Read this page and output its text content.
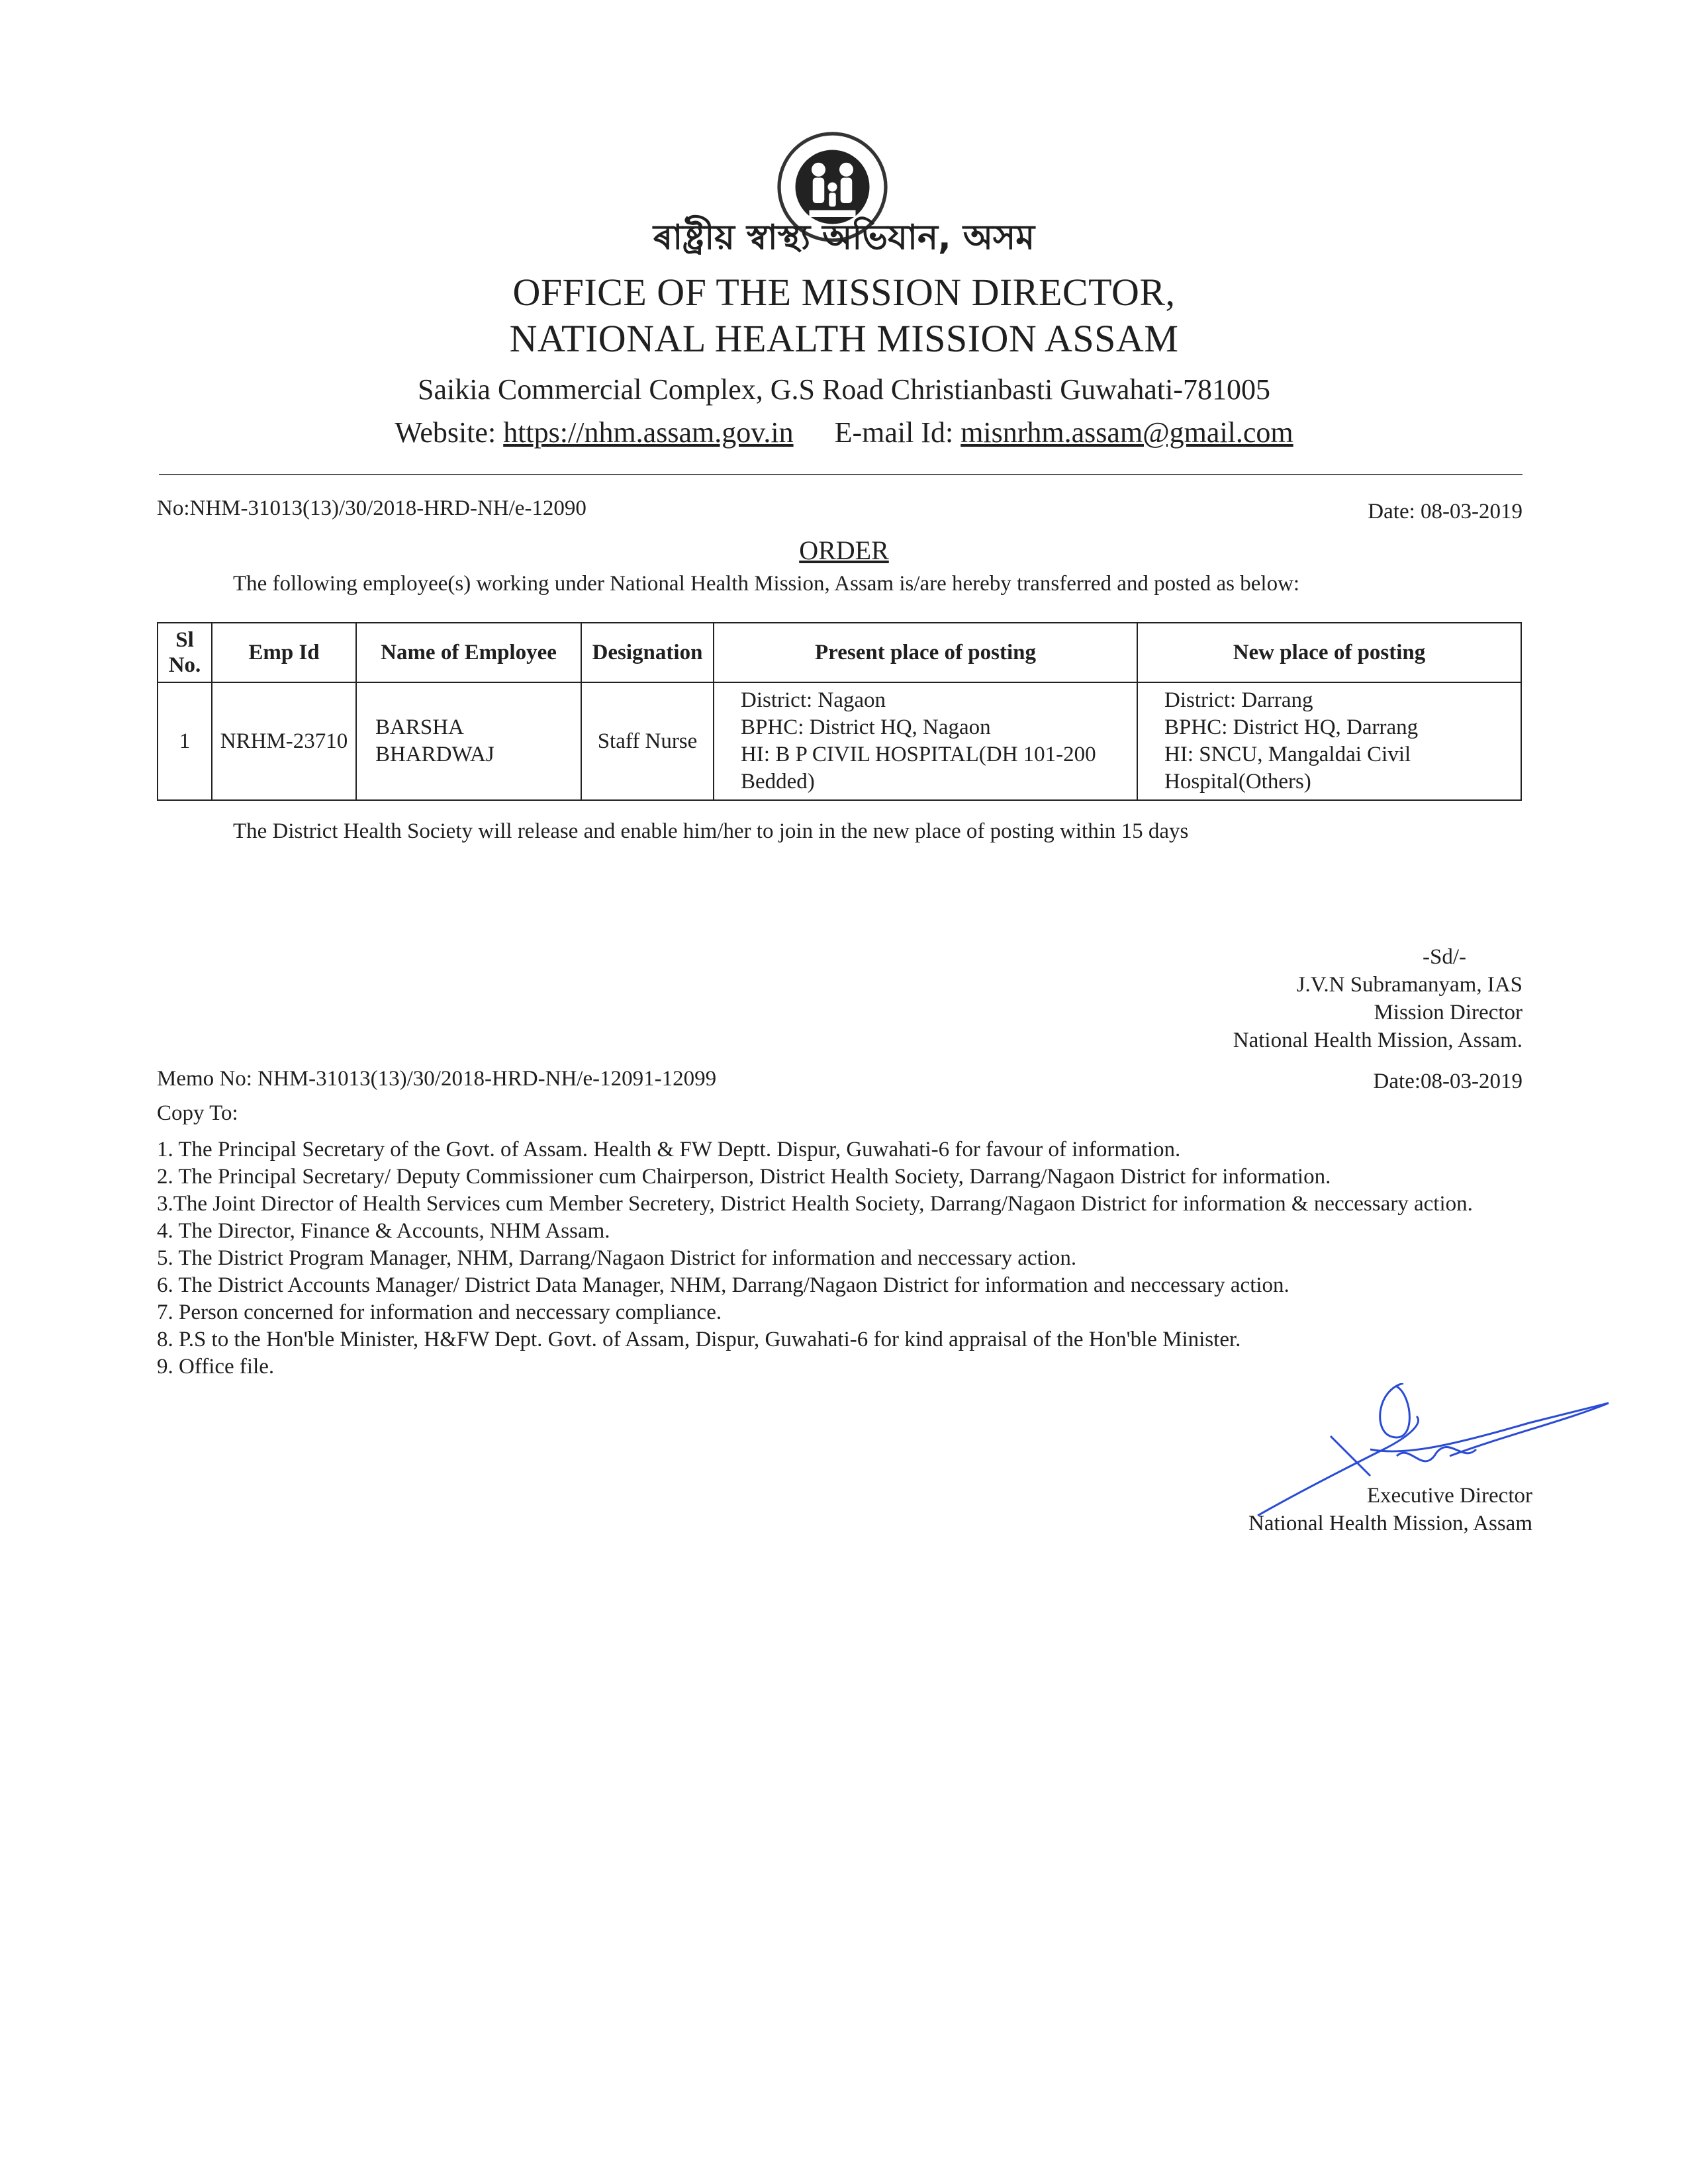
ৰাষ্ট্ৰীয় স্বাস্থ্য অভিযান, অসম
OFFICE OF THE MISSION DIRECTOR,
NATIONAL HEALTH MISSION ASSAM
Saikia Commercial Complex, G.S Road Christianbasti Guwahati-781005
Website: https://nhm.assam.gov.in E-mail Id: misnrhm.assam@gmail.com
No:NHM-31013(13)/30/2018-HRD-NH/e-12090	Date: 08-03-2019
ORDER
The following employee(s) working under National Health Mission, Assam is/are hereby transferred and posted as below:
Sl No.	Emp Id	Name of Employee	Designation	Present place of posting	New place of posting
1	NRHM-23710	BARSHA BHARDWAJ	Staff Nurse	District: Nagaon
BPHC: District HQ, Nagaon
HI: B P CIVIL HOSPITAL(DH 101-200 Bedded)	District: Darrang
BPHC: District HQ, Darrang
HI: SNCU, Mangaldai Civil Hospital(Others)
The District Health Society will release and enable him/her to join in the new place of posting within 15 days
-Sd/-
J.V.N Subramanyam, IAS
Mission Director
National Health Mission, Assam.
Memo No: NHM-31013(13)/30/2018-HRD-NH/e-12091-12099	Date:08-03-2019
Copy To:
1. The Principal Secretary of the Govt. of Assam. Health & FW Deptt. Dispur, Guwahati-6 for favour of information.
2. The Principal Secretary/ Deputy Commissioner cum Chairperson, District Health Society, Darrang/Nagaon District for information.
3.The Joint Director of Health Services cum Member Secretery, District Health Society, Darrang/Nagaon District for information & neccessary action.
4. The Director, Finance & Accounts, NHM Assam.
5. The District Program Manager, NHM, Darrang/Nagaon District for information and neccessary action.
6. The District Accounts Manager/ District Data Manager, NHM, Darrang/Nagaon District for information and neccessary action.
7. Person concerned for information and neccessary compliance.
8. P.S to the Hon'ble Minister, H&FW Dept. Govt. of Assam, Dispur, Guwahati-6 for kind appraisal of the Hon'ble Minister.
9. Office file.
Executive Director
National Health Mission, Assam
